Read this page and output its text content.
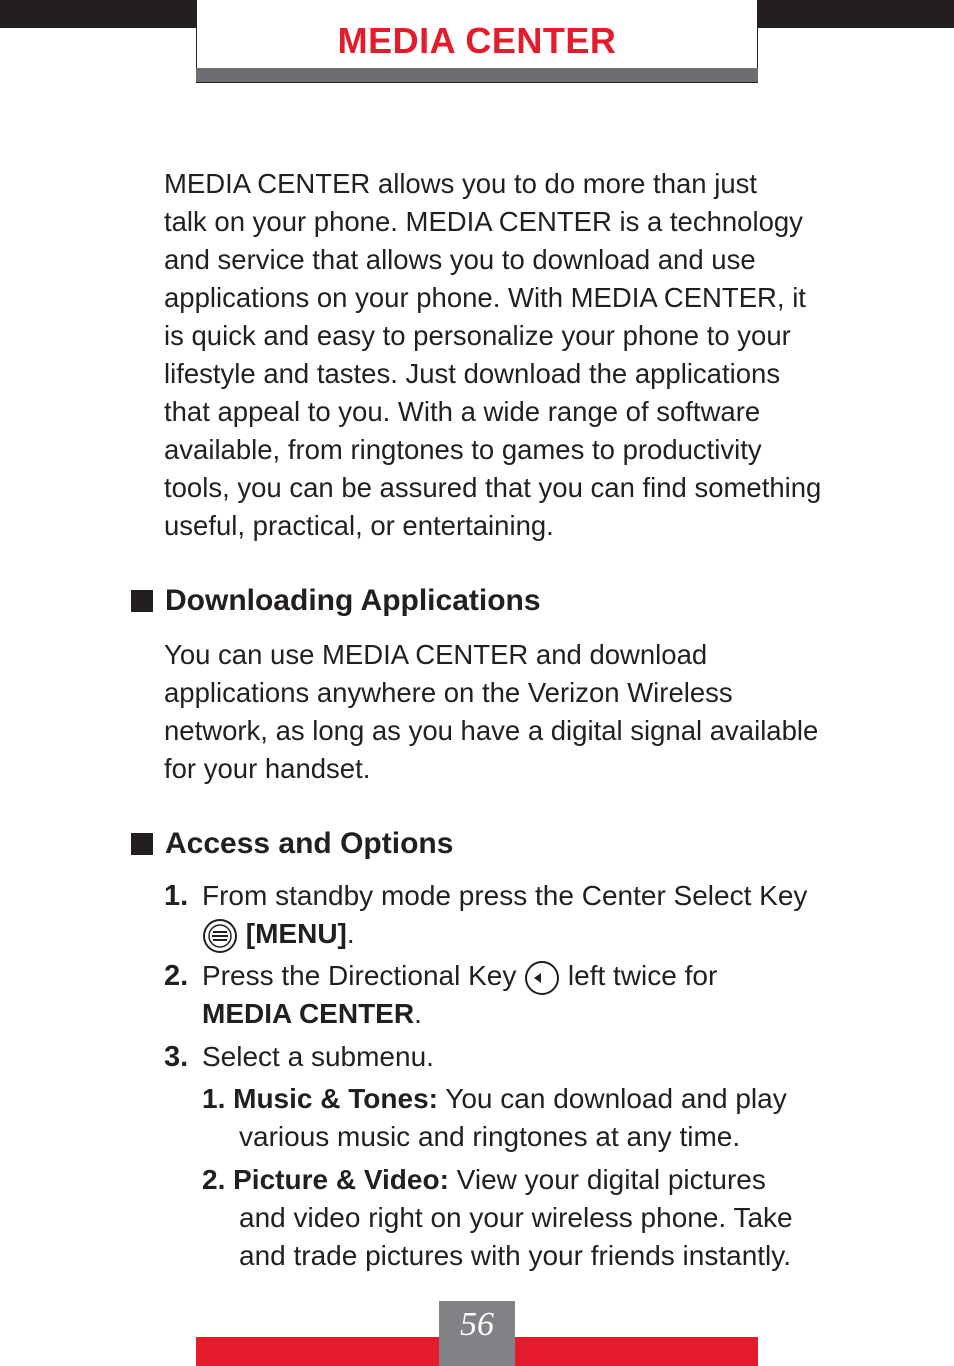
MEDIA CENTER

MEDIA CENTER allows you to do more than just

talk on your phone. MEDIA CENTER is a technology

and service that allows you to download and use

applications on your phone. With MEDIA CENTER, it

is quick and easy to personalize your phone to your

lifestyle and tastes. Just download the applications

that appeal to you. With a wide range of software

available, from ringtones to games to productivity

tools, you can be assured that you can find something

useful, practical, or entertaining.

Downloading Applications

You can use MEDIA CENTER and download

applications anywhere on the Verizon Wireless

network, as long as you have a digital signal available

for your handset.

Access and Options
1. From standby mode press the Center Select Key
[MENU].
2. Press the Directional Key left twice for
MEDIA CENTER.
3. Select a submenu.
1. Music & Tones: You can download and play
various music and ringtones at any time.
2. Picture & Video: View your digital pictures
and video right on your wireless phone. Take
and trade pictures with your friends instantly.
56
